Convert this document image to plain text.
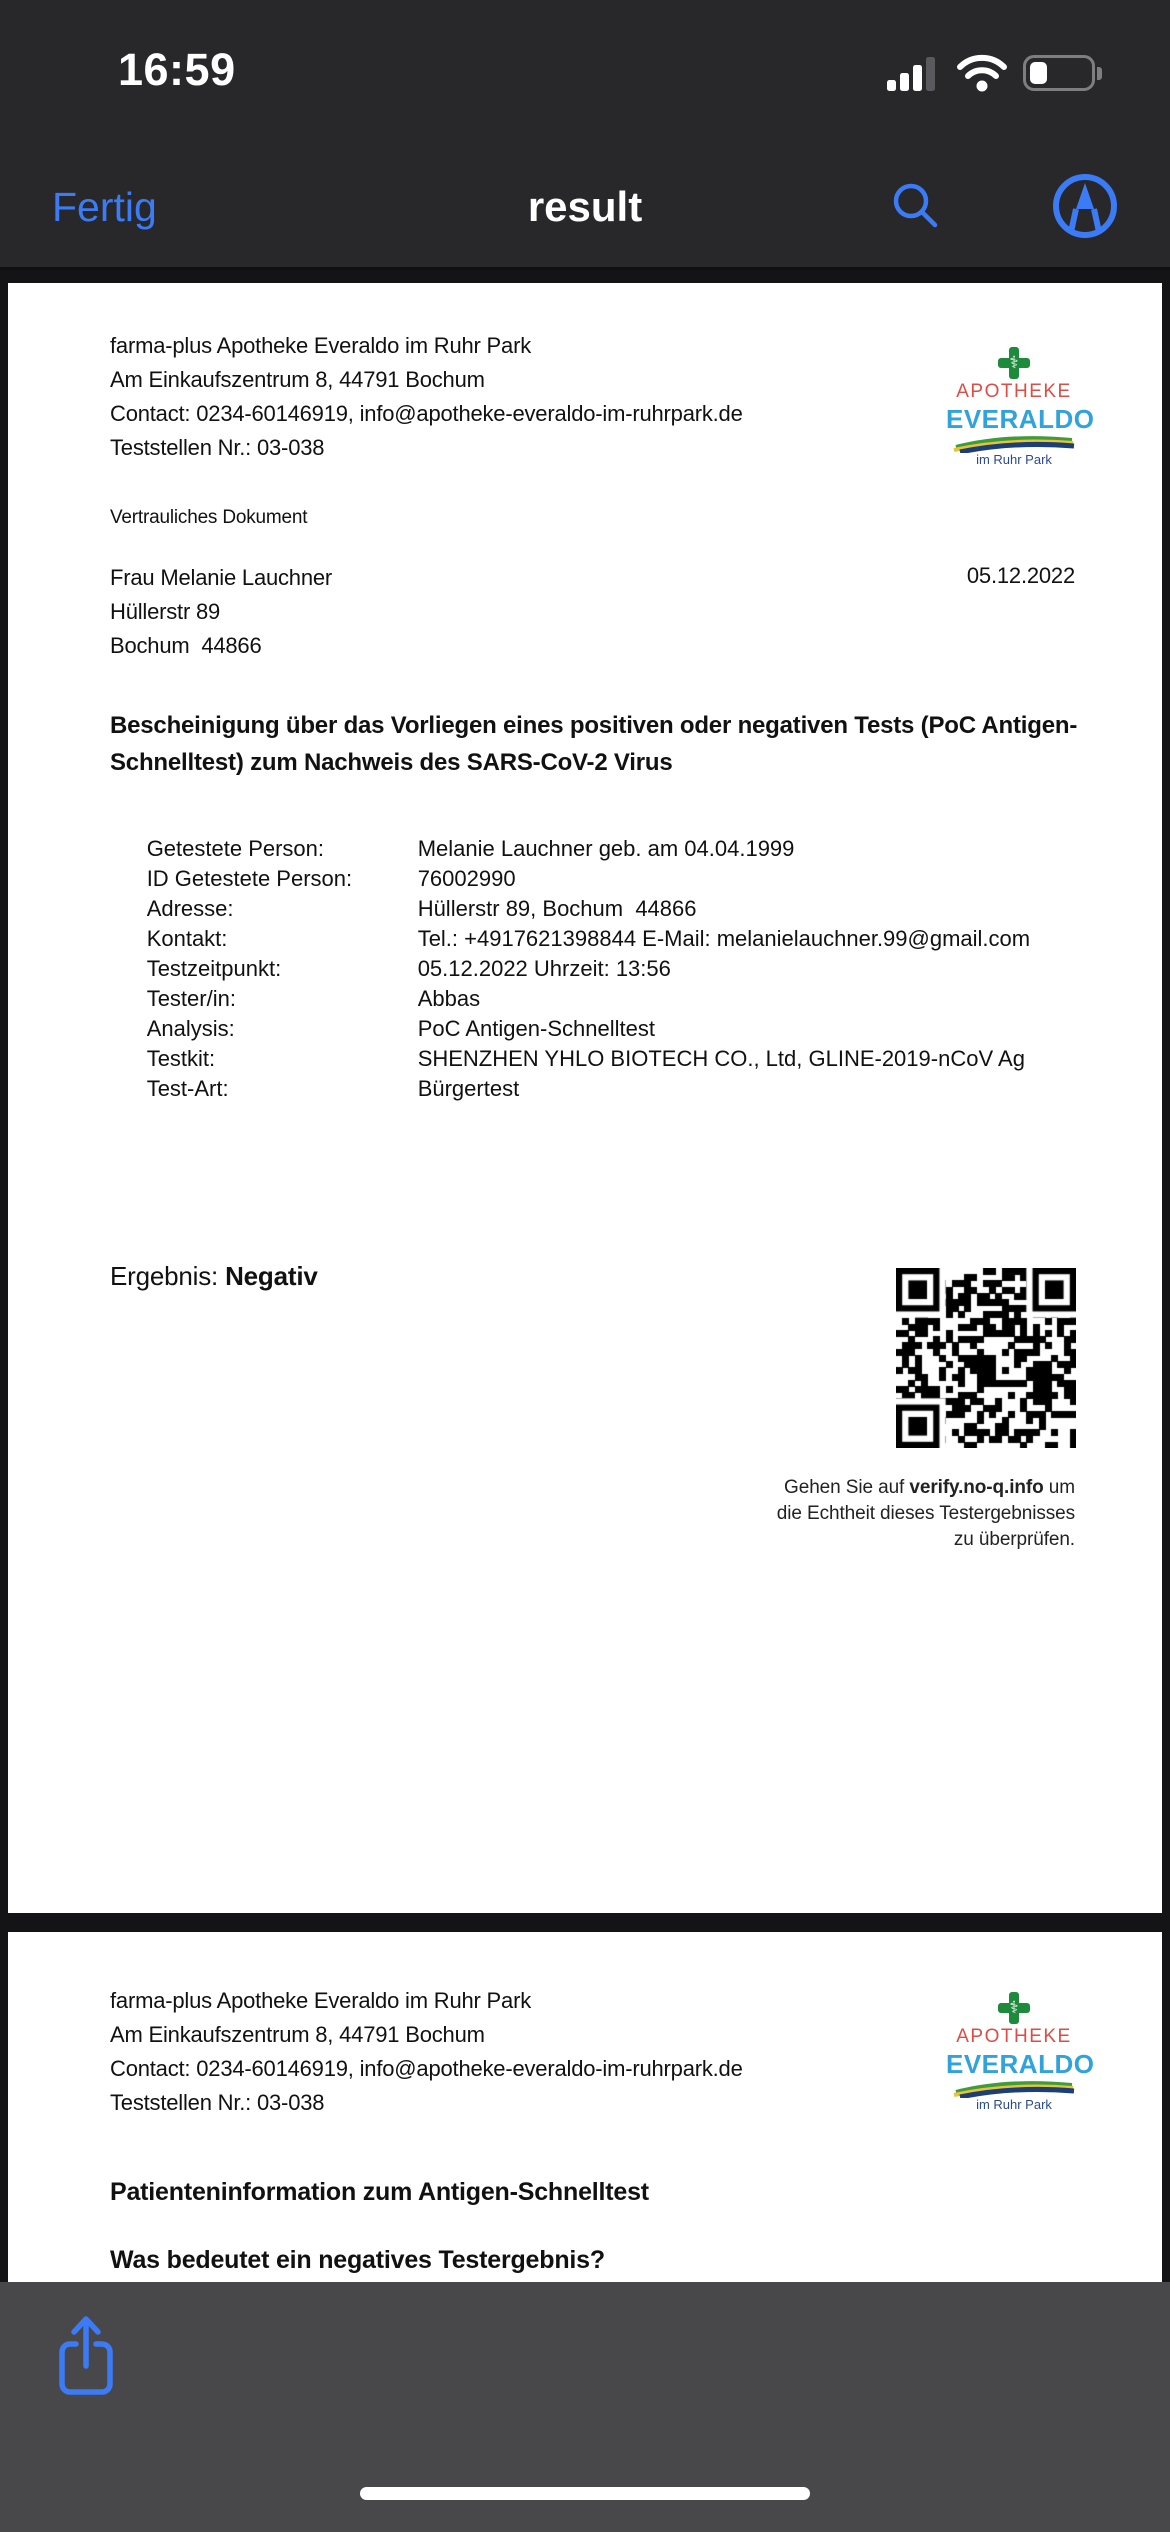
16:59
Fertig	result
farma-plus Apotheke Everaldo im Ruhr Park
Am Einkaufszentrum 8, 44791 Bochum
Contact: 0234-60146919, info@apotheke-everaldo-im-ruhrpark.de
Teststellen Nr.: 03-038
⚕
APOTHEKE
EVERALDO
im Ruhr Park
Vertrauliches Dokument
Frau Melanie Lauchner
Hüllerstr 89
Bochum  44866
05.12.2022
Bescheinigung über das Vorliegen eines positiven oder negativen Tests (PoC Antigen-
Schnelltest) zum Nachweis des SARS-CoV-2 Virus

Getestete Person:	Melanie Lauchner geb. am 04.04.1999

ID Getestete Person:	76002990

Adresse:	Hüllerstr 89, Bochum  44866

Kontakt:	Tel.: +4917621398844 E-Mail: melanielauchner.99@gmail.com

Testzeitpunkt:	05.12.2022 Uhrzeit: 13:56

Tester/in:	Abbas

Analysis:	PoC Antigen-Schnelltest

Testkit:	SHENZHEN YHLO BIOTECH CO., Ltd, GLINE-2019-nCoV Ag

Test-Art:	Bürgertest

Ergebnis: Negativ
Gehen Sie auf verify.no-q.info um
die Echtheit dieses Testergebnisses
zu überprüfen.
farma-plus Apotheke Everaldo im Ruhr Park
Am Einkaufszentrum 8, 44791 Bochum
Contact: 0234-60146919, info@apotheke-everaldo-im-ruhrpark.de
Teststellen Nr.: 03-038
⚕
APOTHEKE
EVERALDO
im Ruhr Park
Patienteninformation zum Antigen-Schnelltest
Was bedeutet ein negatives Testergebnis?
